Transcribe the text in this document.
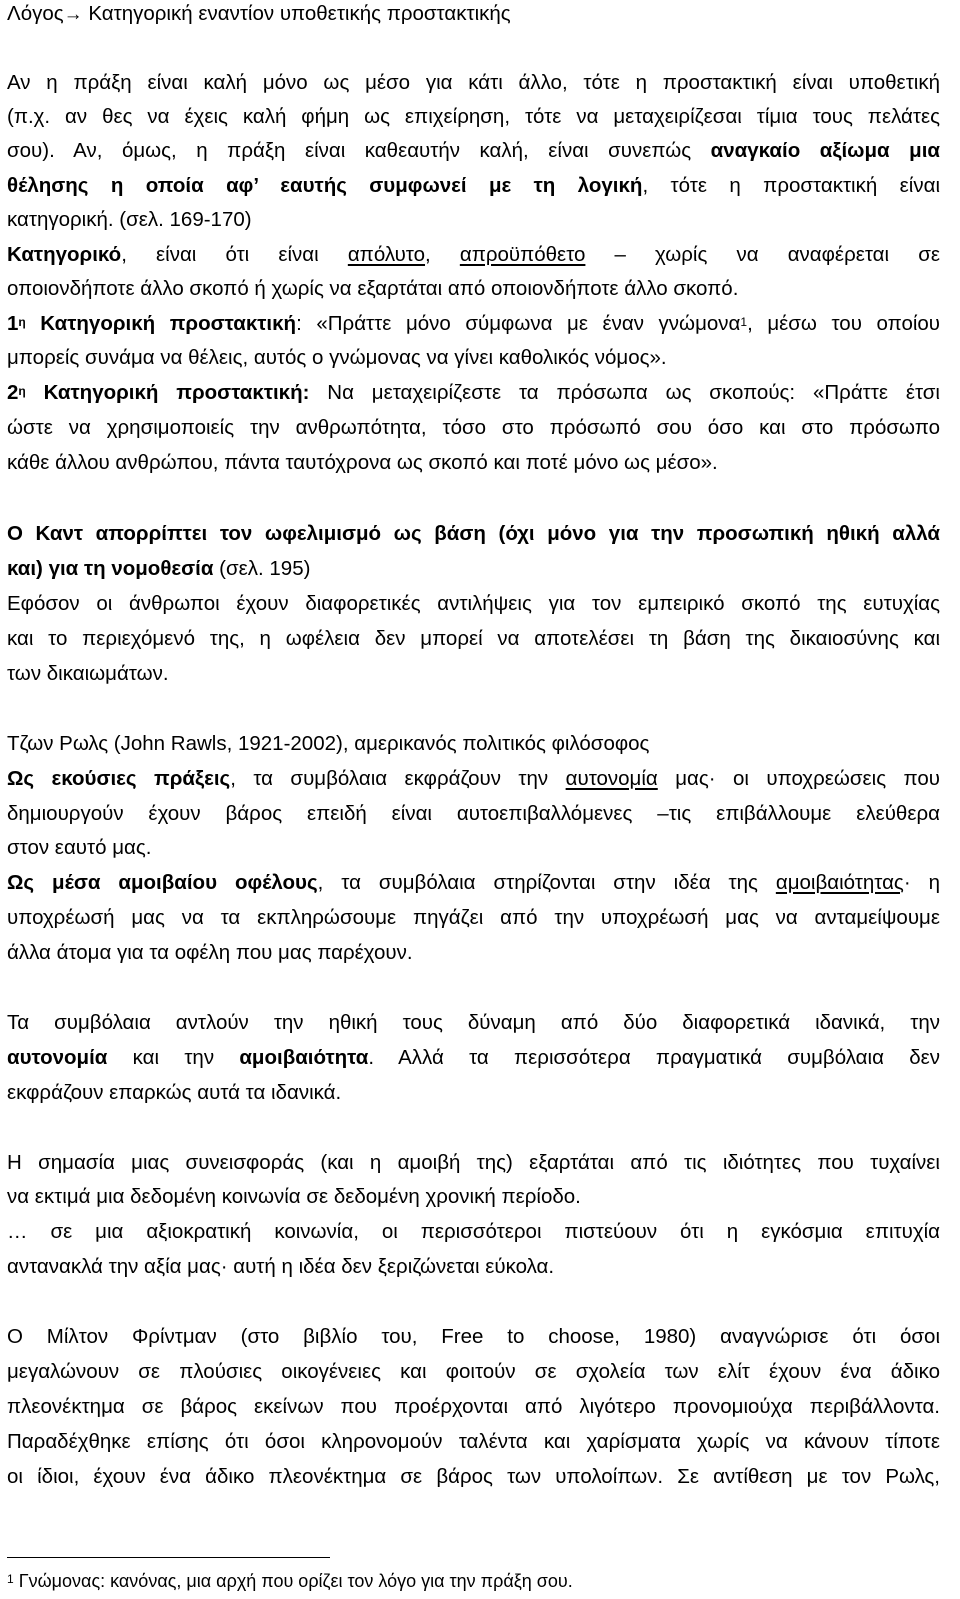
Λόγος→ Κατηγορική εναντίον υποθετικής προστακτικής
Αν η πράξη είναι καλή μόνο ως μέσο για κάτι άλλο, τότε η προστακτική είναι υποθετική
(π.χ. αν θες να έχεις καλή φήμη ως επιχείρηση, τότε να μεταχειρίζεσαι τίμια τους πελάτες
σου). Αν, όμως, η πράξη είναι καθεαυτήν καλή, είναι συνεπώς αναγκαίο αξίωμα μια
θέλησης η οποία αφ’ εαυτής συμφωνεί με τη λογική, τότε η προστακτική είναι
κατηγορική. (σελ. 169-170)
Κατηγορικό, είναι ότι είναι απόλυτο, απροϋπόθετο – χωρίς να αναφέρεται σε
οποιονδήποτε άλλο σκοπό ή χωρίς να εξαρτάται από οποιονδήποτε άλλο σκοπό.
$1^\eta$ Κατηγορική προστακτική: «Πράττε μόνο σύμφωνα με έναν γνώμονα$^1$, μέσω του οποίου
μπορείς συνάμα να θέλεις, αυτός ο γνώμονας να γίνει καθολικός νόμος».
$2^\eta$ Κατηγορική προστακτική: Να μεταχειρίζεστε τα πρόσωπα ως σκοπούς: «Πράττε έτσι
ώστε να χρησιμοποιείς την ανθρωπότητα, τόσο στο πρόσωπό σου όσο και στο πρόσωπο
κάθε άλλου ανθρώπου, πάντα ταυτόχρονα ως σκοπό και ποτέ μόνο ως μέσο».
Ο Καντ απορρίπτει τον ωφελιμισμό ως βάση (όχι μόνο για την προσωπική ηθική αλλά
και) για τη νομοθεσία (σελ. 195)
Εφόσον οι άνθρωποι έχουν διαφορετικές αντιλήψεις για τον εμπειρικό σκοπό της ευτυχίας
και το περιεχόμενό της, η ωφέλεια δεν μπορεί να αποτελέσει τη βάση της δικαιοσύνης και
των δικαιωμάτων.
Τζων Ρωλς (John Rawls, 1921-2002), αμερικανός πολιτικός φιλόσοφος
Ως εκούσιες πράξεις, τα συμβόλαια εκφράζουν την αυτονομία μας· οι υποχρεώσεις που
δημιουργούν έχουν βάρος επειδή είναι αυτοεπιβαλλόμενες –τις επιβάλλουμε ελεύθερα
στον εαυτό μας.
Ως μέσα αμοιβαίου οφέλους, τα συμβόλαια στηρίζονται στην ιδέα της αμοιβαιότητας· η
υποχρέωσή μας να τα εκπληρώσουμε πηγάζει από την υποχρέωσή μας να ανταμείψουμε
άλλα άτομα για τα οφέλη που μας παρέχουν.
Τα συμβόλαια αντλούν την ηθική τους δύναμη από δύο διαφορετικά ιδανικά, την
αυτονομία και την αμοιβαιότητα. Αλλά τα περισσότερα πραγματικά συμβόλαια δεν
εκφράζουν επαρκώς αυτά τα ιδανικά.
Η σημασία μιας συνεισφοράς (και η αμοιβή της) εξαρτάται από τις ιδιότητες που τυχαίνει
να εκτιμά μια δεδομένη κοινωνία σε δεδομένη χρονική περίοδο.
… σε μια αξιοκρατική κοινωνία, οι περισσότεροι πιστεύουν ότι η εγκόσμια επιτυχία
αντανακλά την αξία μας· αυτή η ιδέα δεν ξεριζώνεται εύκολα.
Ο Μίλτον Φρίντμαν (στο βιβλίο του, Free to choose, 1980) αναγνώρισε ότι όσοι
μεγαλώνουν σε πλούσιες οικογένειες και φοιτούν σε σχολεία των ελίτ έχουν ένα άδικο
πλεονέκτημα σε βάρος εκείνων που προέρχονται από λιγότερο προνομιούχα περιβάλλοντα.
Παραδέχθηκε επίσης ότι όσοι κληρονομούν ταλέντα και χαρίσματα χωρίς να κάνουν τίποτε
οι ίδιοι, έχουν ένα άδικο πλεονέκτημα σε βάρος των υπολοίπων. Σε αντίθεση με τον Ρωλς,
$^1$ Γνώμονας: κανόνας, μια αρχή που ορίζει τον λόγο για την πράξη σου.
